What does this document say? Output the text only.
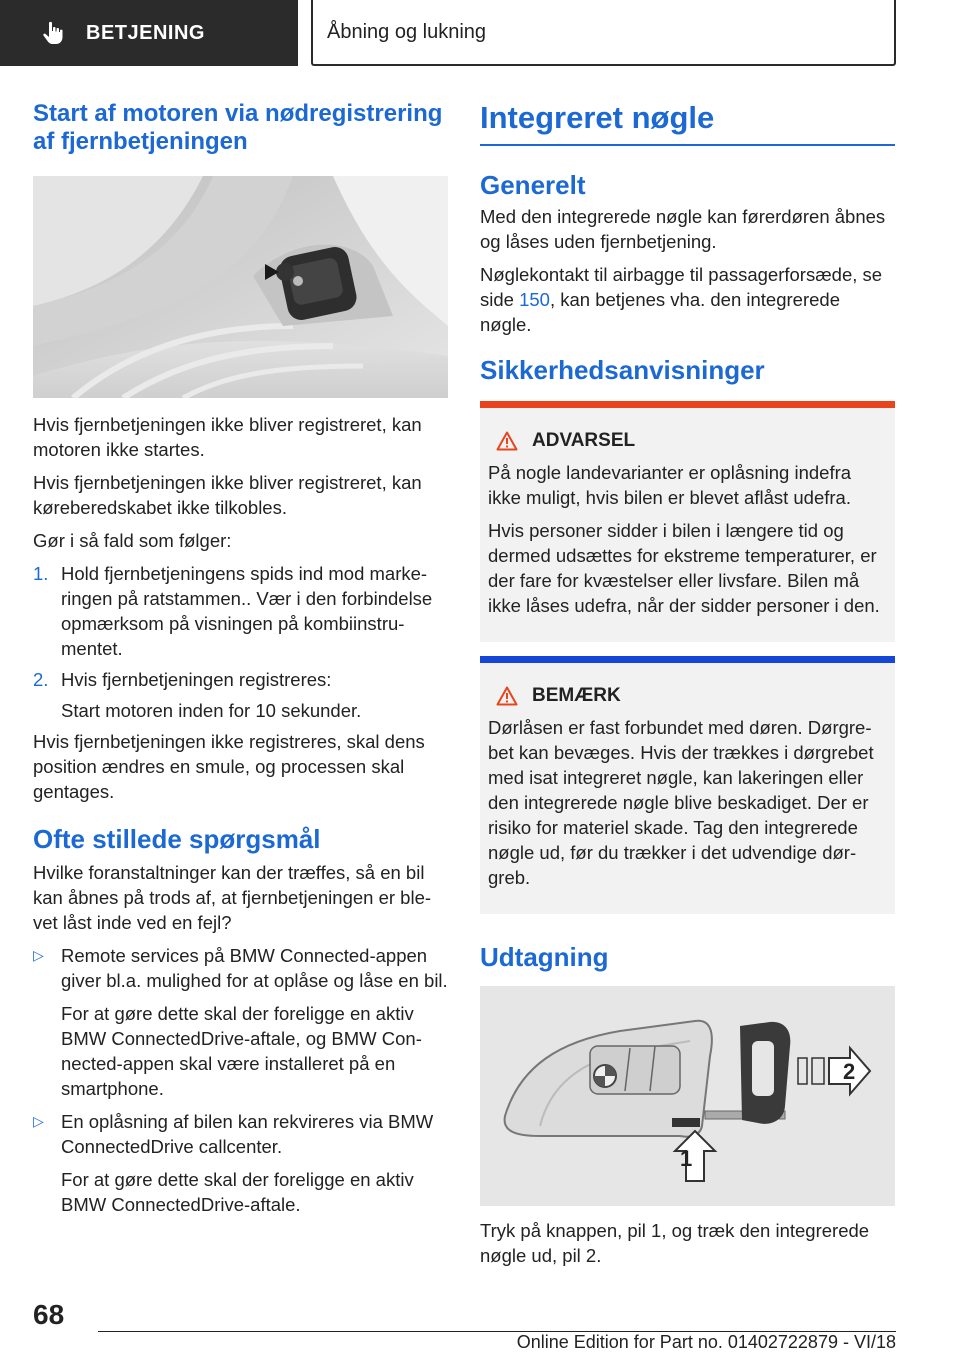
BETJENING	Åbning og lukning
Start af motoren via nødregistrering af fjernbetjeningen

Hvis fjernbetjeningen ikke bliver registreret, kan motoren ikke startes.

Hvis fjernbetjeningen ikke bliver registreret, kan køreberedskabet ikke tilkobles.

Gør i så fald som følger:

1. Hold fjernbetjeningens spids ind mod markeringen på ratstammen.. Vær i den forbindelse opmærksom på visningen på kombiinstrumentet.
2. Hvis fjernbetjeningen registreres:
Start motoren inden for 10 sekunder.

Hvis fjernbetjeningen ikke registreres, skal dens position ændres en smule, og processen skal gentages.

Ofte stillede spørgsmål

Hvilke foranstaltninger kan der træffes, så en bil kan åbnes på trods af, at fjernbetjeningen er blevet låst inde ved en fejl?

▷ Remote services på BMW Connected-appen giver bl.a. mulighed for at oplåse og låse en bil.
For at gøre dette skal der foreligge en aktiv BMW ConnectedDrive-aftale, og BMW Connected-appen skal være installeret på en smartphone.
▷ En oplåsning af bilen kan rekvireres via BMW ConnectedDrive callcenter.
For at gøre dette skal der foreligge en aktiv BMW ConnectedDrive-aftale.
Integreret nøgle
Generelt

Med den integrerede nøgle kan førerdøren åbnes og låses uden fjernbetjening.

Nøglekontakt til airbagge til passagerforsæde, se side 150, kan betjenes vha. den integrerede nøgle.

Sikkerhedsanvisninger
ADVARSEL

På nogle landevarianter er oplåsning indefra ikke muligt, hvis bilen er blevet aflåst udefra.

Hvis personer sidder i bilen i længere tid og dermed udsættes for ekstreme temperaturer, er der fare for kvæstelser eller livsfare. Bilen må ikke låses udefra, når der sidder personer i den.

BEMÆRK

Dørlåsen er fast forbundet med døren. Dørgrebet kan bevæges. Hvis der trækkes i dørgrebet med isat integreret nøgle, kan lakeringen eller den integrerede nøgle blive beskadiget. Der er risiko for materiel skade. Tag den integrerede nøgle ud, før du trækker i det udvendige dørgreb.

Udtagning
2
1

Tryk på knappen, pil 1, og træk den integrerede nøgle ud, pil 2.

68
Online Edition for Part no. 01402722879 - VI/18
